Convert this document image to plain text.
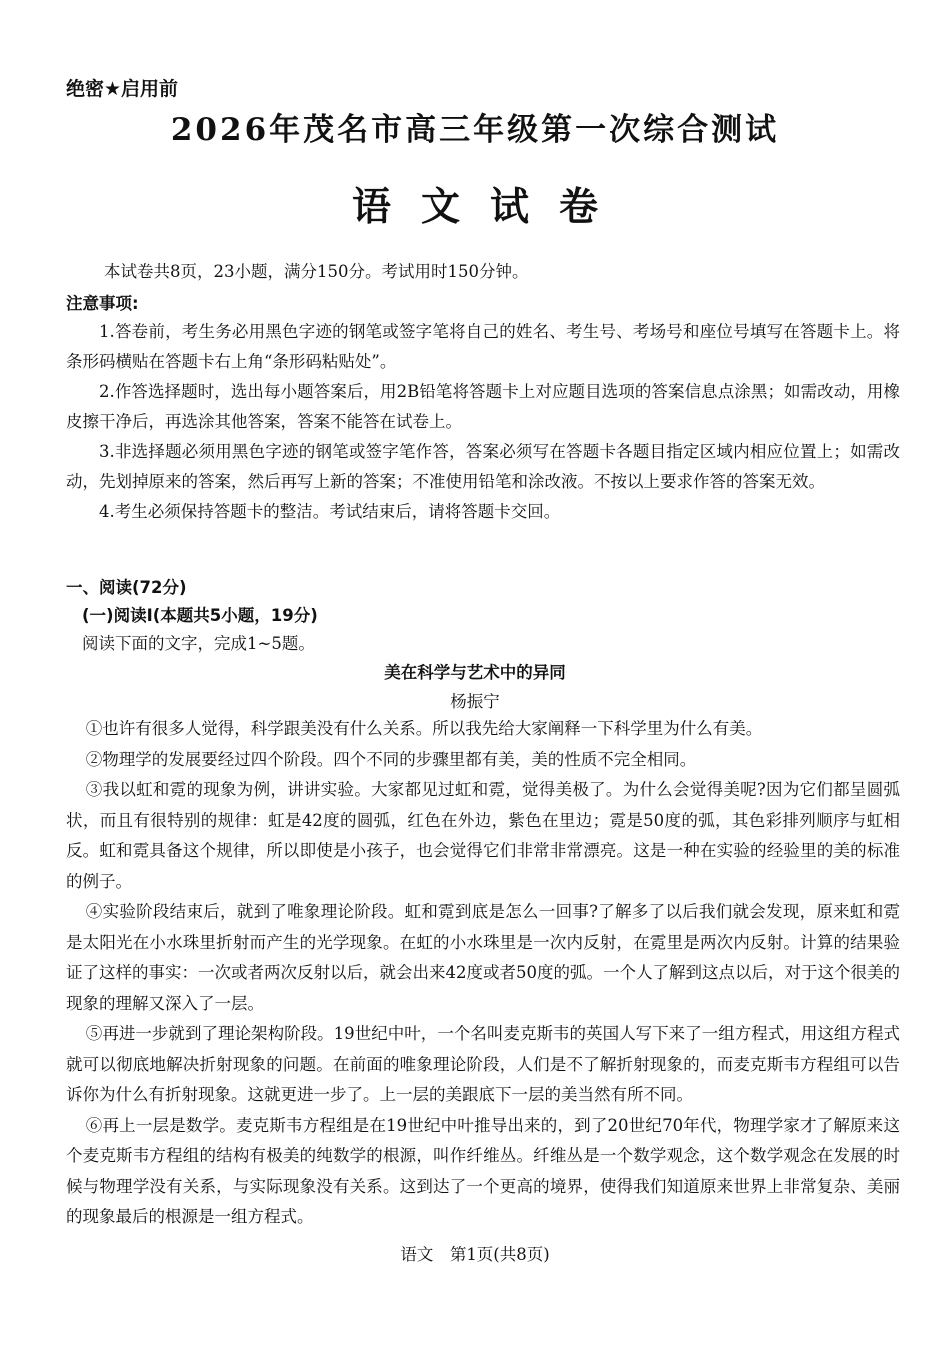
绝密★启用前
2026年茂名市高三年级第一次综合测试
语文试卷
本试卷共8页，23小题，满分150分。考试用时150分钟。
注意事项:

1.答卷前，考生务必用黑色字迹的钢笔或签字笔将自己的姓名、考生号、考场号和座位号填写在答题卡上。将条形码横贴在答题卡右上角“条形码粘贴处”。

2.作答选择题时，选出每小题答案后，用2B铅笔将答题卡上对应题目选项的答案信息点涂黑；如需改动，用橡皮擦干净后，再选涂其他答案，答案不能答在试卷上。

3.非选择题必须用黑色字迹的钢笔或签字笔作答，答案必须写在答题卡各题目指定区域内相应位置上；如需改动，先划掉原来的答案，然后再写上新的答案；不准使用铅笔和涂改液。不按以上要求作答的答案无效。

4.考生必须保持答题卡的整洁。考试结束后，请将答题卡交回。

一、阅读(72分)
(一)阅读Ⅰ(本题共5小题，19分)
阅读下面的文字，完成1~5题。
美在科学与艺术中的异同
杨振宁

①也许有很多人觉得，科学跟美没有什么关系。所以我先给大家阐释一下科学里为什么有美。

②物理学的发展要经过四个阶段。四个不同的步骤里都有美，美的性质不完全相同。

③我以虹和霓的现象为例，讲讲实验。大家都见过虹和霓，觉得美极了。为什么会觉得美呢?因为它们都呈圆弧状，而且有很特别的规律：虹是42度的圆弧，红色在外边，紫色在里边；霓是50度的弧，其色彩排列顺序与虹相反。虹和霓具备这个规律，所以即使是小孩子，也会觉得它们非常非常漂亮。这是一种在实验的经验里的美的标准的例子。

④实验阶段结束后，就到了唯象理论阶段。虹和霓到底是怎么一回事?了解多了以后我们就会发现，原来虹和霓是太阳光在小水珠里折射而产生的光学现象。在虹的小水珠里是一次内反射，在霓里是两次内反射。计算的结果验证了这样的事实：一次或者两次反射以后，就会出来42度或者50度的弧。一个人了解到这点以后，对于这个很美的现象的理解又深入了一层。

⑤再进一步就到了理论架构阶段。19世纪中叶，一个名叫麦克斯韦的英国人写下来了一组方程式，用这组方程式就可以彻底地解决折射现象的问题。在前面的唯象理论阶段，人们是不了解折射现象的，而麦克斯韦方程组可以告诉你为什么有折射现象。这就更进一步了。上一层的美跟底下一层的美当然有所不同。

⑥再上一层是数学。麦克斯韦方程组是在19世纪中叶推导出来的，到了20世纪70年代，物理学家才了解原来这个麦克斯韦方程组的结构有极美的纯数学的根源，叫作纤维丛。纤维丛是一个数学观念，这个数学观念在发展的时候与物理学没有关系，与实际现象没有关系。这到达了一个更高的境界，使得我们知道原来世界上非常复杂、美丽的现象最后的根源是一组方程式。

语文　第1页(共8页)
